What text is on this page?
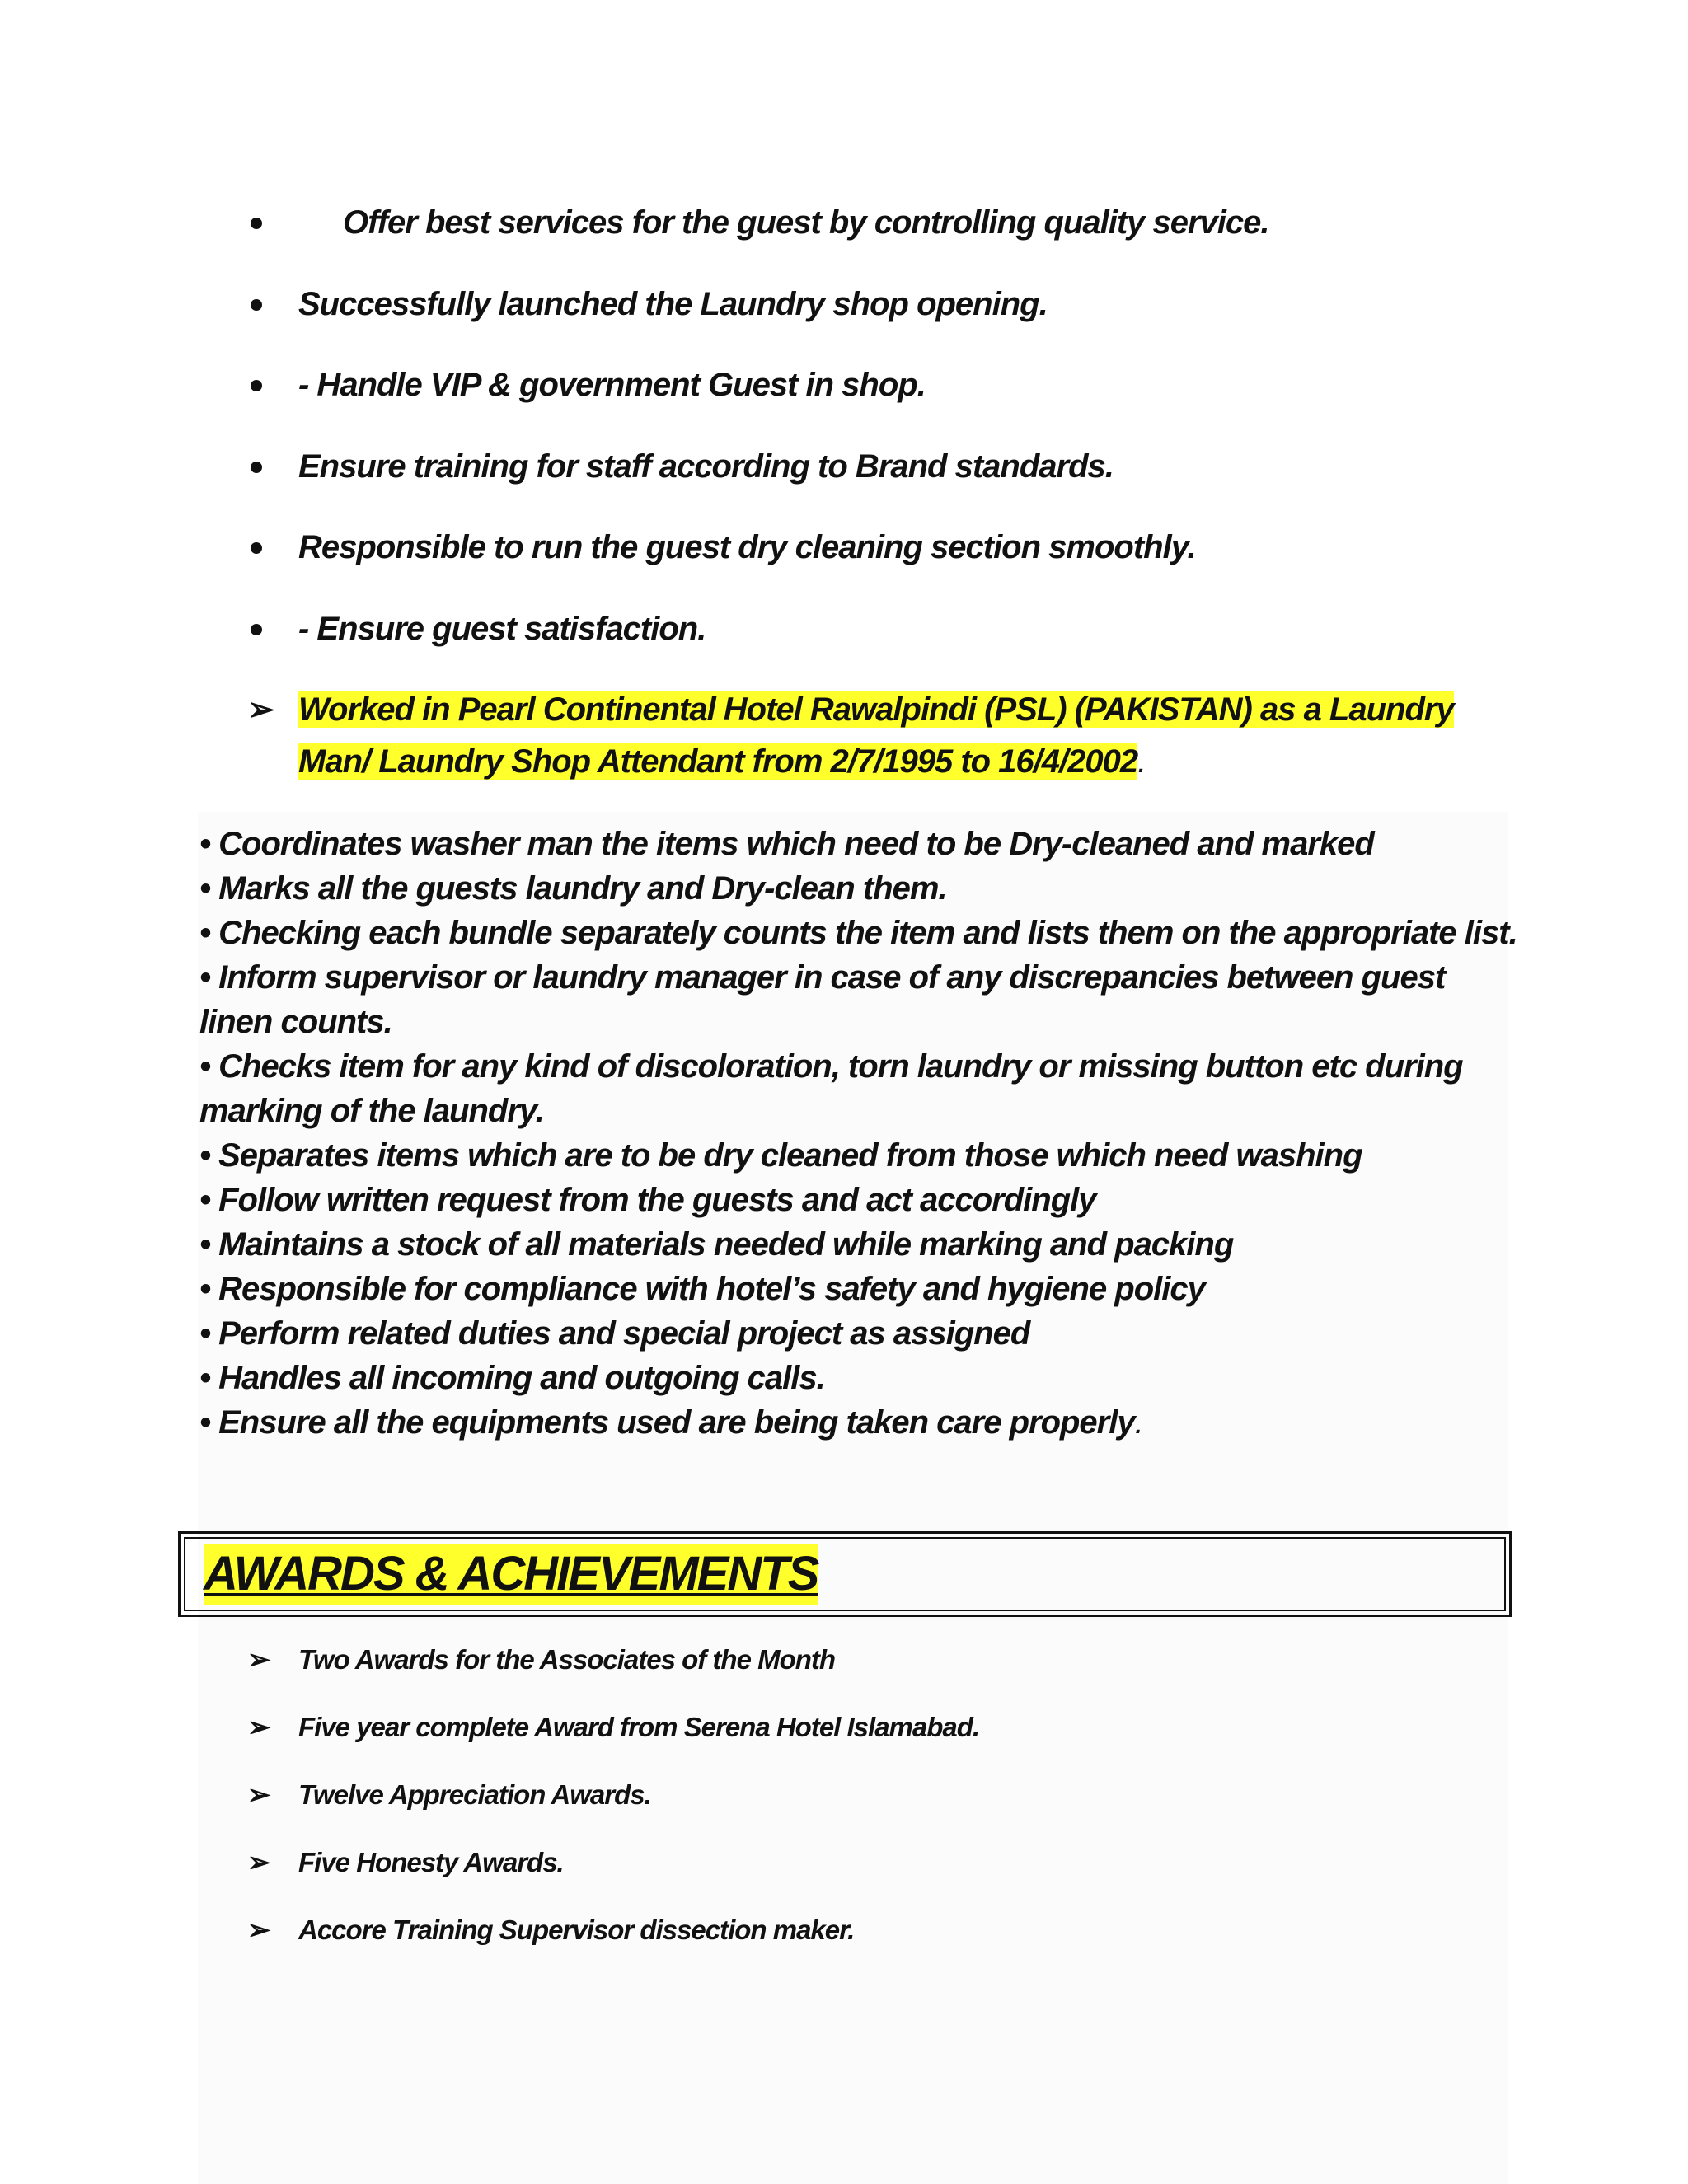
Offer best services for the guest by controlling quality service.
Successfully launched the Laundry shop opening.
- Handle VIP & government Guest in shop.
Ensure training for staff according to Brand standards.
Responsible to run the guest dry cleaning section smoothly.
- Ensure guest satisfaction.
➢ Worked in Pearl Continental Hotel Rawalpindi (PSL) (PAKISTAN) as a Laundry Man/ Laundry Shop Attendant from 2/7/1995 to 16/4/2002.
• Coordinates washer man the items which need to be Dry-cleaned and marked
• Marks all the guests laundry and Dry-clean them.
• Checking each bundle separately counts the item and lists them on the appropriate list.
• Inform supervisor or laundry manager in case of any discrepancies between guest linen counts.
• Checks item for any kind of discoloration, torn laundry or missing button etc during marking of the laundry.
• Separates items which are to be dry cleaned from those which need washing
• Follow written request from the guests and act accordingly
• Maintains a stock of all materials needed while marking and packing
• Responsible for compliance with hotel’s safety and hygiene policy
• Perform related duties and special project as assigned
• Handles all incoming and outgoing calls.
• Ensure all the equipments used are being taken care properly.
AWARDS & ACHIEVEMENTS
➢ Two Awards for the Associates of the Month
➢ Five year complete Award from Serena Hotel Islamabad.
➢ Twelve Appreciation Awards.
➢ Five Honesty Awards.
➢ Accore Training Supervisor dissection maker.
